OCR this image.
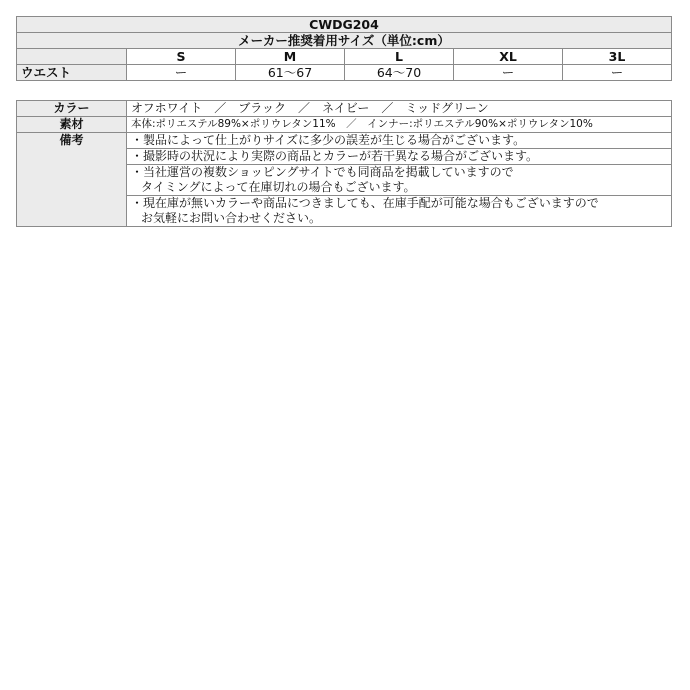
CWDG204					
メーカー推奨着用サイズ（単位:cm）					
	S	M	L	XL	3L
ウエスト	ー	61～67	64～70	ー	ー
カラー	オフホワイト　／　ブラック　／　ネイビー　／　ミッドグリーン
素材	本体:ポリエステル89%×ポリウレタン11%　／　インナー:ポリエステル90%×ポリウレタン10%
備考	・製品によって仕上がりサイズに多少の誤差が生じる場合がございます。

	・撮影時の状況により実際の商品とカラーが若干異なる場合がございます。

	・当社運営の複数ショッピングサイトでも同商品を掲載していますので
タイミングによって在庫切れの場合もございます。

	・現在庫が無いカラーや商品につきましても、在庫手配が可能な場合もございますので
お気軽にお問い合わせください。
